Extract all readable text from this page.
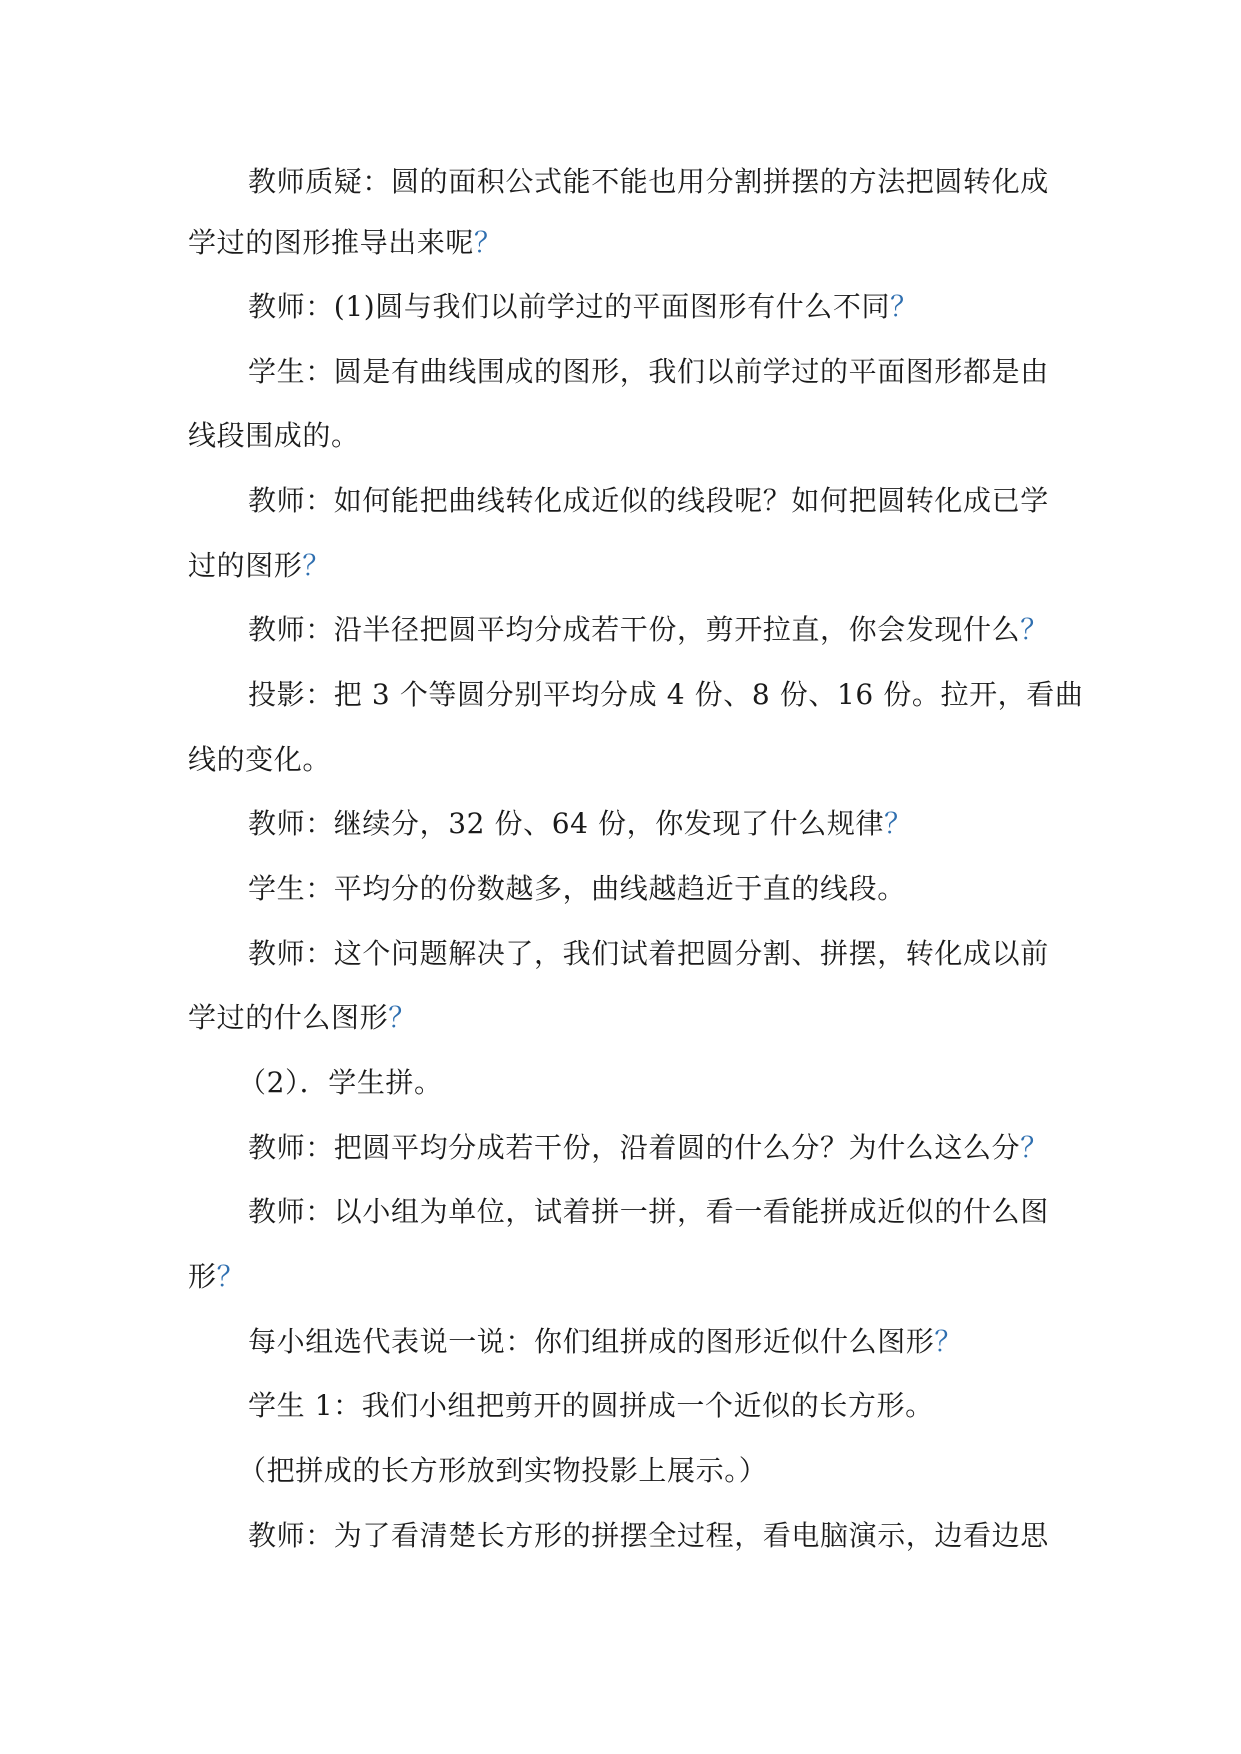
教师质疑：圆的面积公式能不能也用分割拼摆的方法把圆转化成
学过的图形推导出来呢？
教师：(1)圆与我们以前学过的平面图形有什么不同？
学生：圆是有曲线围成的图形，我们以前学过的平面图形都是由
线段围成的。
教师：如何能把曲线转化成近似的线段呢？如何把圆转化成已学
过的图形？
教师：沿半径把圆平均分成若干份，剪开拉直，你会发现什么？
投影：把 3 个等圆分别平均分成 4 份、8 份、16 份。拉开，看曲
线的变化。
教师：继续分，32 份、64 份，你发现了什么规律？
学生：平均分的份数越多，曲线越趋近于直的线段。
教师：这个问题解决了，我们试着把圆分割、拼摆，转化成以前
学过的什么图形？
（2）．学生拼。
教师：把圆平均分成若干份，沿着圆的什么分？为什么这么分？
教师：以小组为单位，试着拼一拼，看一看能拼成近似的什么图
形？
每小组选代表说一说：你们组拼成的图形近似什么图形？
学生 1：我们小组把剪开的圆拼成一个近似的长方形。
（把拼成的长方形放到实物投影上展示。）
教师：为了看清楚长方形的拼摆全过程，看电脑演示，边看边思
